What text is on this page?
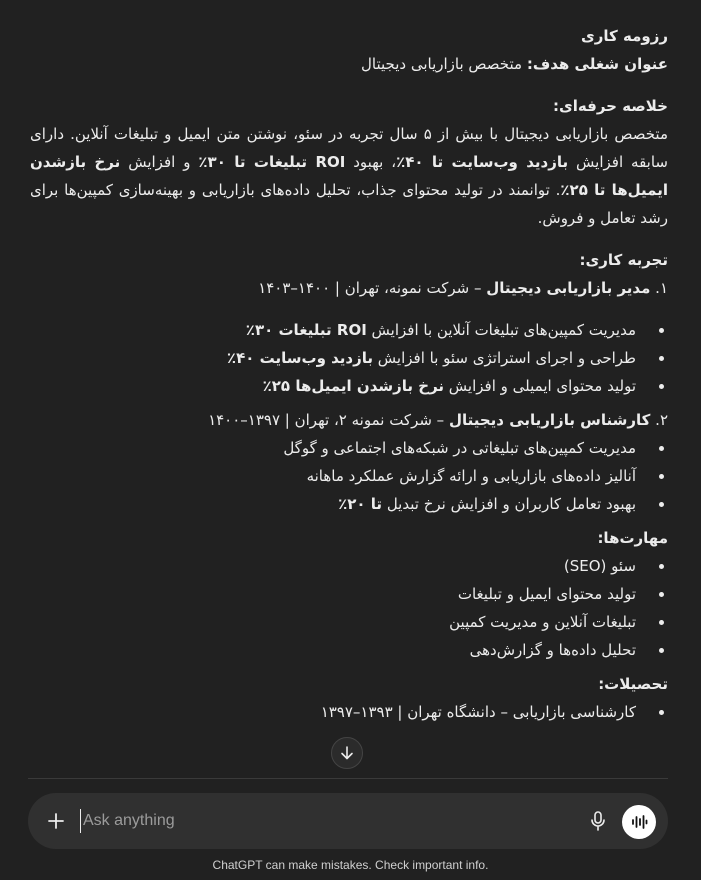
رزومه کاری
عنوان شغلی هدف: متخصص بازاریابی دیجیتال
خلاصه حرفه‌ای:
متخصص بازاریابی دیجیتال با بیش از ۵ سال تجربه در سئو، نوشتن متن ایمیل و تبلیغات آنلاین. دارای سابقه افزایش بازدید وب‌سایت تا ۴۰٪، بهبود ROI تبلیغات تا ۳۰٪ و افزایش نرخ بازشدن ایمیل‌ها تا ۲۵٪. توانمند در تولید محتوای جذاب، تحلیل داده‌های بازاریابی و بهینه‌سازی کمپین‌ها برای رشد تعامل و فروش.
تجربه کاری:
۱. مدیر بازاریابی دیجیتال – شرکت نمونه، تهران | ۱۴۰۰–۱۴۰۳
مدیریت کمپین‌های تبلیغات آنلاین با افزایش ROI تبلیغات ۳۰٪
طراحی و اجرای استراتژی سئو با افزایش بازدید وب‌سایت ۴۰٪
تولید محتوای ایمیلی و افزایش نرخ بازشدن ایمیل‌ها ۲۵٪
۲. کارشناس بازاریابی دیجیتال – شرکت نمونه ۲، تهران | ۱۳۹۷–۱۴۰۰
مدیریت کمپین‌های تبلیغاتی در شبکه‌های اجتماعی و گوگل
آنالیز داده‌های بازاریابی و ارائه گزارش عملکرد ماهانه
بهبود تعامل کاربران و افزایش نرخ تبدیل تا ۲۰٪
مهارت‌ها:
سئو (SEO)
تولید محتوای ایمیل و تبلیغات
تبلیغات آنلاین و مدیریت کمپین
تحلیل داده‌ها و گزارش‌دهی
تحصیلات:
کارشناسی بازاریابی – دانشگاه تهران | ۱۳۹۳–۱۳۹۷
Ask anything
ChatGPT can make mistakes. Check important info.
